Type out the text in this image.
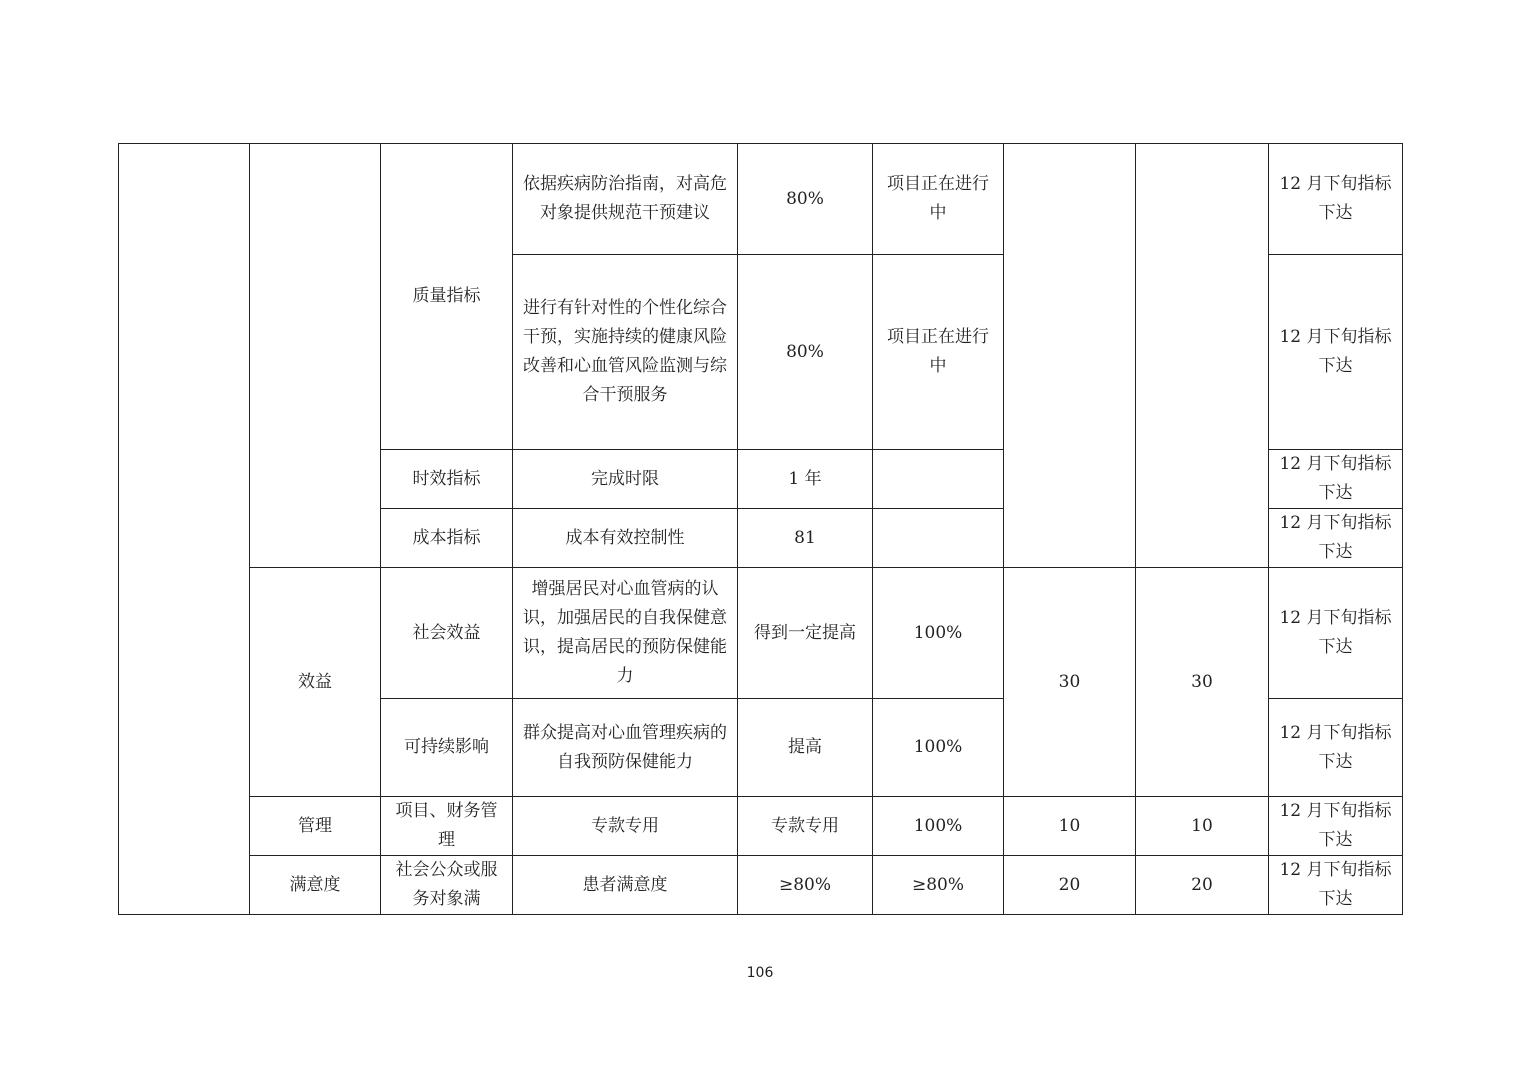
		质量指标	依据疾病防治指南，对高危对象提供规范干预建议	80%	项目正在进行中			12 月下旬指标下达
			进行有针对性的个性化综合干预，实施持续的健康风险改善和心血管风险监测与综合干预服务	80%	项目正在进行中			12 月下旬指标下达
		时效指标	完成时限	1 年				12 月下旬指标下达
		成本指标	成本有效控制性	81				12 月下旬指标下达
	效益	社会效益	增强居民对心血管病的认识，加强居民的自我保健意识，提高居民的预防保健能力	得到一定提高	100%	30	30	12 月下旬指标下达
		可持续影响	群众提高对心血管理疾病的自我预防保健能力	提高	100%			12 月下旬指标下达
	管理	项目、财务管理	专款专用	专款专用	100%	10	10	12 月下旬指标下达
	满意度	社会公众或服务对象满	患者满意度	≥80%	≥80%	20	20	12 月下旬指标下达
106
